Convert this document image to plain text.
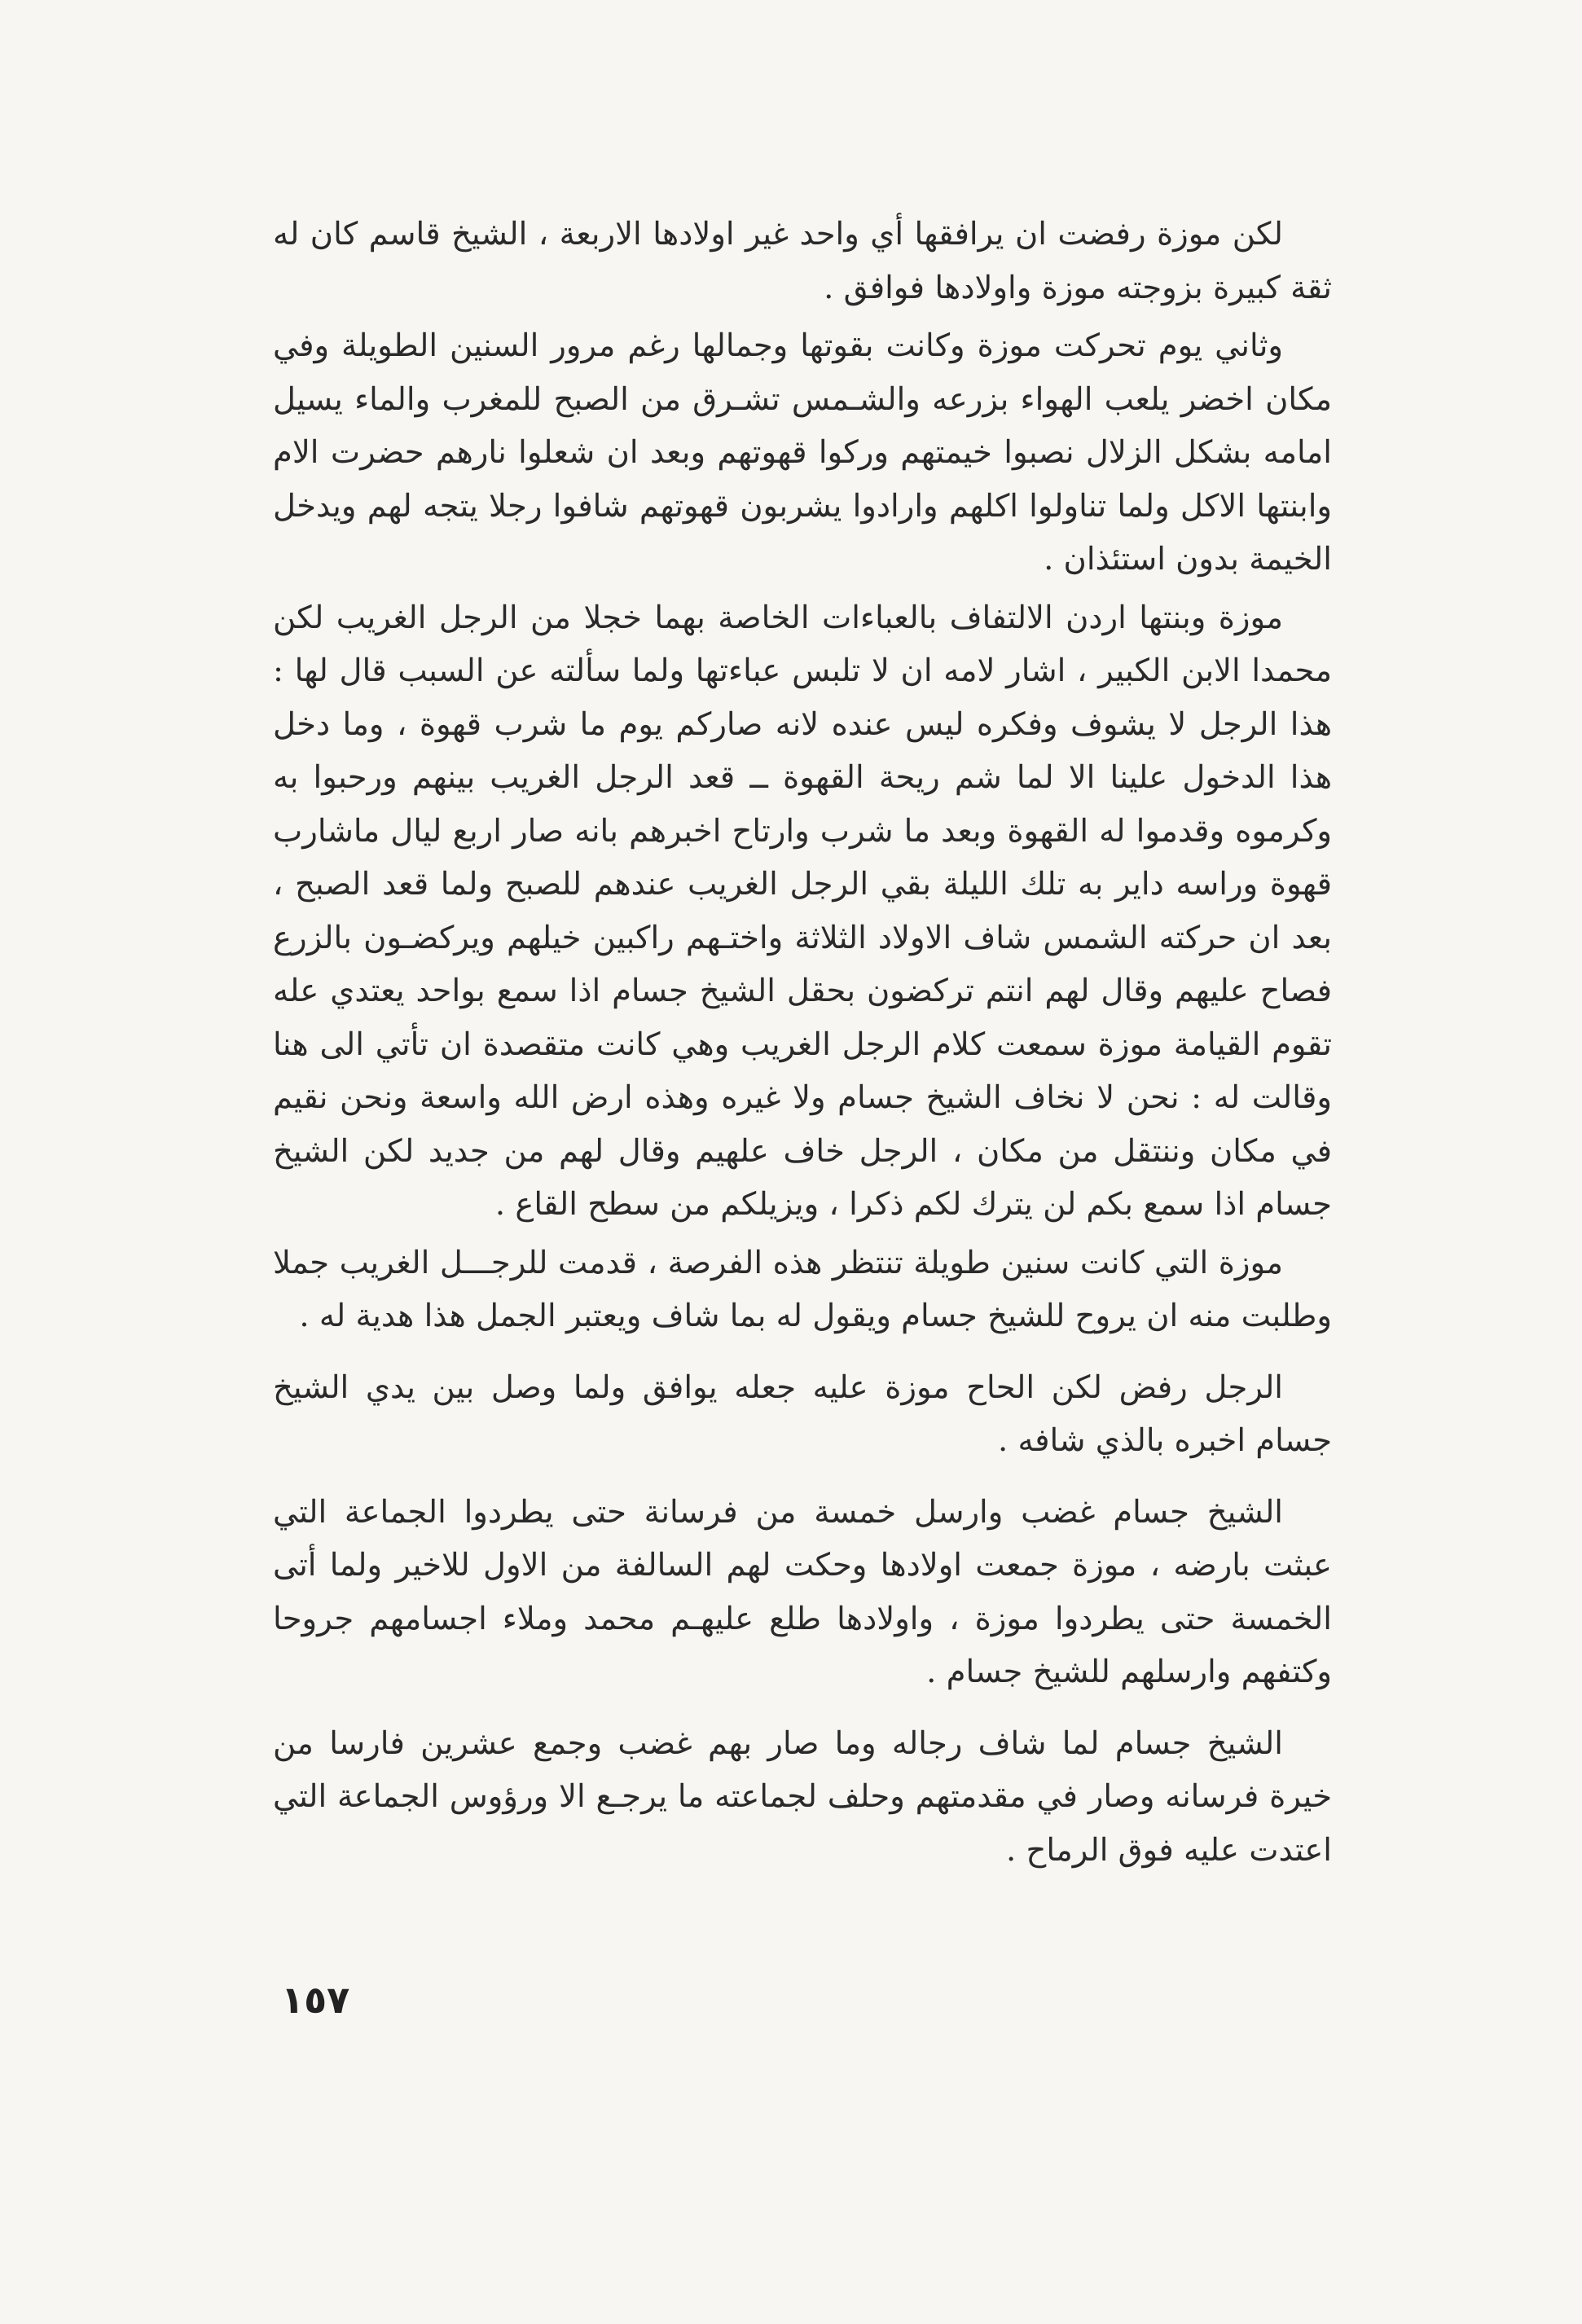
لكن موزة رفضت ان يرافقها أي واحد غير اولادها الاربعة ، الشيخ قاسم كان له ثقة كبيرة بزوجته موزة واولادها فوافق .

وثاني يوم تحركت موزة وكانت بقوتها وجمالها رغم مرور السنين الطويلة وفي مكان اخضر يلعب الهواء بزرعه والشـمس تشـرق من الصبح للمغرب والماء يسيل امامه بشكل الزلال نصبوا خيمتهم وركوا قهوتهم وبعد ان شعلوا نارهم حضرت الام وابنتها الاكل ولما تناولوا اكلهم وارادوا يشربون قهوتهم شافوا رجلا يتجه لهم ويدخل الخيمة بدون استئذان .

موزة وبنتها اردن الالتفاف بالعباءات الخاصة بهما خجلا من الرجل الغريب لكن محمدا الابن الكبير ، اشار لامه ان لا تلبس عباءتها ولما سألته عن السبب قال لها : هذا الرجل لا يشوف وفكره ليس عنده لانه صاركم يوم ما شرب قهوة ، وما دخل هذا الدخول علينا الا لما شم ريحة القهوة ــ قعد الرجل الغريب بينهم ورحبوا به وكرموه وقدموا له القهوة وبعد ما شرب وارتاح اخبرهم بانه صار اربع ليال ماشارب قهوة وراسه داير به تلك الليلة بقي الرجل الغريب عندهم للصبح ولما قعد الصبح ، بعد ان حركته الشمس شاف الاولاد الثلاثة واختـهم راكبين خيلهم ويركضـون بالزرع فصاح عليهم وقال لهم انتم تركضون بحقل الشيخ جسام اذا سمع بواحد يعتدي عله تقوم القيامة موزة سمعت كلام الرجل الغريب وهي كانت متقصدة ان تأتي الى هنا وقالت له : نحن لا نخاف الشيخ جسام ولا غيره وهذه ارض الله واسعة ونحن نقيم في مكان وننتقل من مكان ، الرجل خاف علهيم وقال لهم من جديد لكن الشيخ جسام اذا سمع بكم لن يترك لكم ذكرا ، ويزيلكم من سطح القاع .

موزة التي كانت سنين طويلة تنتظر هذه الفرصة ، قدمت للرجـــل الغريب جملا وطلبت منه ان يروح للشيخ جسام ويقول له بما شاف ويعتبر الجمل هذا هدية له .

الرجل رفض لكن الحاح موزة عليه جعله يوافق ولما وصل بين يدي الشيخ جسام اخبره بالذي شافه .

الشيخ جسام غضب وارسل خمسة من فرسانة حتى يطردوا الجماعة التي عبثت بارضه ، موزة جمعت اولادها وحكت لهم السالفة من الاول للاخير ولما أتى الخمسة حتى يطردوا موزة ، واولادها طلع عليهـم محمد وملاء اجسامهم جروحا وكتفهم وارسلهم للشيخ جسام .

الشيخ جسام لما شاف رجاله وما صار بهم غضب وجمع عشرين فارسا من خيرة فرسانه وصار في مقدمتهم وحلف لجماعته ما يرجـع الا ورؤوس الجماعة التي اعتدت عليه فوق الرماح .

١٥٧
